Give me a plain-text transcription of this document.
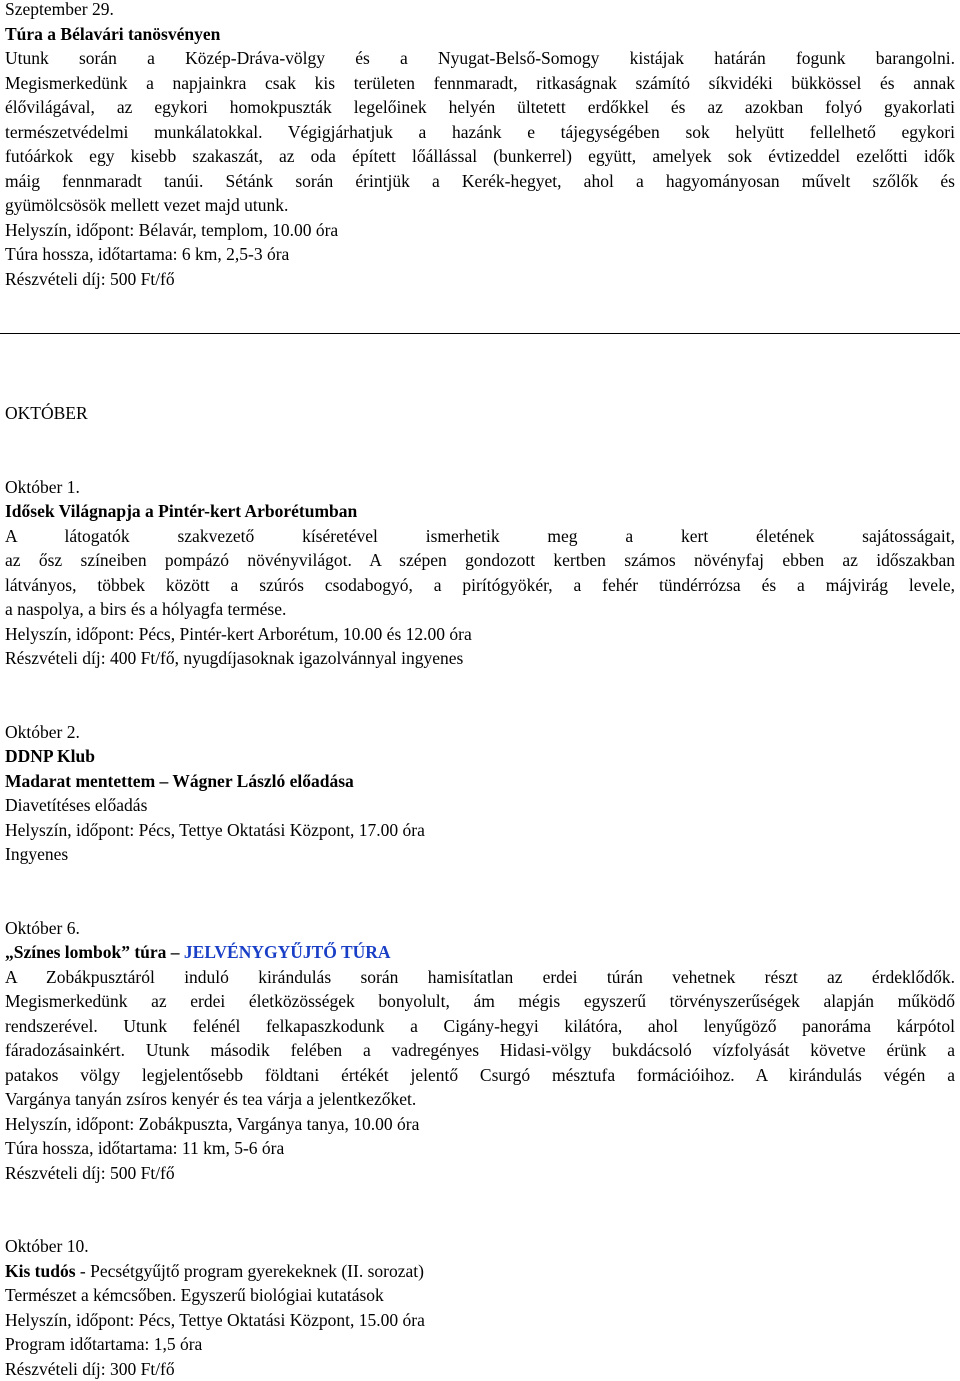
Szeptember 29.
Túra a Bélavári tanösvényen
Utunk során a Közép-Dráva-völgy és a Nyugat-Belső-Somogy kistájak határán fogunk barangolni.
Megismerkedünk a napjainkra csak kis területen fennmaradt, ritkaságnak számító síkvidéki bükkössel és annak
élővilágával, az egykori homokpuszták legelőinek helyén ültetett erdőkkel és az azokban folyó gyakorlati
természetvédelmi munkálatokkal. Végigjárhatjuk a hazánk e tájegységében sok helyütt fellelhető egykori
futóárkok egy kisebb szakaszát, az oda épített lőállással (bunkerrel) együtt, amelyek sok évtizeddel ezelőtti idők
máig fennmaradt tanúi. Sétánk során érintjük a Kerék-hegyet, ahol a hagyományosan művelt szőlők és
gyümölcsösök mellett vezet majd utunk.
Helyszín, időpont: Bélavár, templom, 10.00 óra
Túra hossza, időtartama: 6 km, 2,5-3 óra
Részvételi díj: 500 Ft/fő
OKTÓBER
Október 1.
Idősek Világnapja a Pintér-kert Arborétumban
A látogatók szakvezető kíséretével ismerhetik meg a kert életének sajátosságait,
az ősz színeiben pompázó növényvilágot. A szépen gondozott kertben számos növényfaj ebben az időszakban
látványos, többek között a szúrós csodabogyó, a pirítógyökér, a fehér tündérrózsa és a májvirág levele,
a naspolya, a birs és a hólyagfa termése.
Helyszín, időpont: Pécs, Pintér-kert Arborétum, 10.00 és 12.00 óra
Részvételi díj: 400 Ft/fő, nyugdíjasoknak igazolvánnyal ingyenes
Október 2.
DDNP Klub
Madarat mentettem – Wágner László előadása
Diavetítéses előadás
Helyszín, időpont: Pécs, Tettye Oktatási Központ, 17.00 óra
Ingyenes
Október 6.
„Színes lombok” túra – JELVÉNYGYŰJTŐ TÚRA
A Zobákpusztáról induló kirándulás során hamisítatlan erdei túrán vehetnek részt az érdeklődők.
Megismerkedünk az erdei életközösségek bonyolult, ám mégis egyszerű törvényszerűségek alapján működő
rendszerével. Utunk felénél felkapaszkodunk a Cigány-hegyi kilátóra, ahol lenyűgöző panoráma kárpótol
fáradozásainkért. Utunk második felében a vadregényes Hidasi-völgy bukdácsoló vízfolyását követve érünk a
patakos völgy legjelentősebb földtani értékét jelentő Csurgó mésztufa formációihoz. A kirándulás végén a
Vargánya tanyán zsíros kenyér és tea várja a jelentkezőket.
Helyszín, időpont: Zobákpuszta, Vargánya tanya, 10.00 óra
Túra hossza, időtartama: 11 km, 5-6 óra
Részvételi díj: 500 Ft/fő
Október 10.
Kis tudós - Pecsétgyűjtő program gyerekeknek (II. sorozat)
Természet a kémcsőben. Egyszerű biológiai kutatások
Helyszín, időpont: Pécs, Tettye Oktatási Központ, 15.00 óra
Program időtartama: 1,5 óra
Részvételi díj: 300 Ft/fő
